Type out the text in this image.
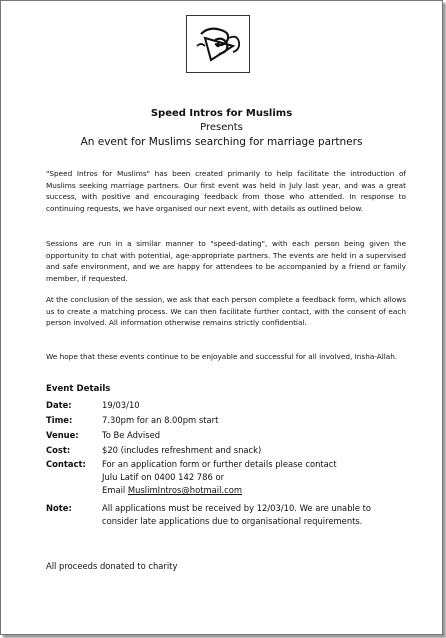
Speed Intros for Muslims
Presents
An event for Muslims searching for marriage partners
"Speed Intros for Muslims" has been created primarily to help facilitate the introduction of Muslims seeking marriage partners. Our first event was held in July last year, and was a great success, with positive and encouraging feedback from those who attended. In response to continuing requests, we have organised our next event, with details as outlined below.
Sessions are run in a similar manner to "speed-dating", with each person being given the opportunity to chat with potential, age-appropriate partners. The events are held in a supervised and safe environment, and we are happy for attendees to be accompanied by a friend or family member, if requested.
At the conclusion of the session, we ask that each person complete a feedback form, which allows us to create a matching process. We can then facilitate further contact, with the consent of each person involved. All information otherwise remains strictly confidential.
We hope that these events continue to be enjoyable and successful for all involved, Insha-Allah.
Event Details
Date:	19/03/10
Time:	7.30pm for an 8.00pm start
Venue:	To Be Advised
Cost:	$20 (includes refreshment and snack)
Contact:	For an application form or further details please contact
Julu Latif on 0400 142 786 or
Email MuslimIntros@hotmail.com
Note:	All applications must be received by 12/03/10. We are unable to consider late applications due to organisational requirements.
All proceeds donated to charity
